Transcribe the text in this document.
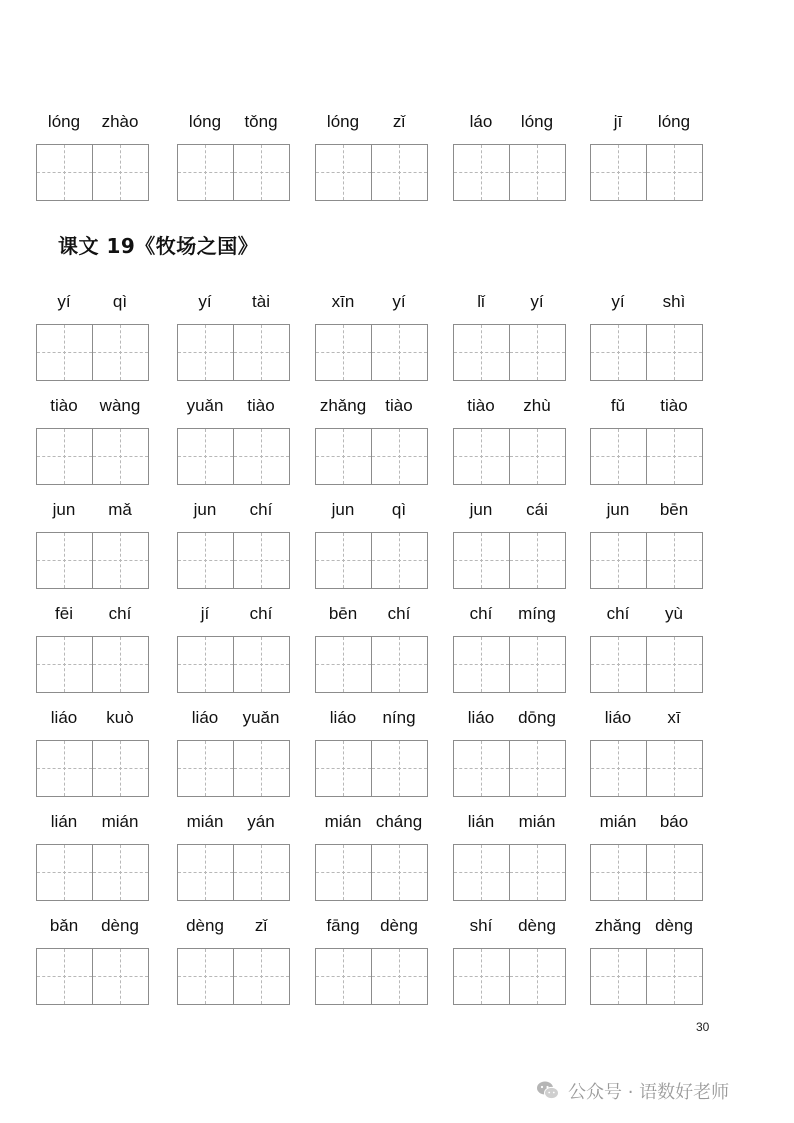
lóng	zhào	lóng	tǒng	lóng	zǐ	láo	lóng	jī	lóng
课文 19《牧场之国》
yí	qì	yí	tài	xīn	yí	lǐ	yí	yí	shì
tiào	wàng	yuǎn	tiào	zhǎng	tiào	tiào	zhù	fǔ	tiào
jun	mǎ	jun	chí	jun	qì	jun	cái	jun	bēn
fēi	chí	jí	chí	bēn	chí	chí	míng	chí	yù
liáo	kuò	liáo	yuǎn	liáo	níng	liáo	dōng	liáo	xī
lián	mián	mián	yán	mián cháng	lián	mián	mián	báo
bǎn	dèng	dèng	zǐ	fāng	dèng	shí	dèng	zhǎng dèng
30
公众号 · 语数好老师
